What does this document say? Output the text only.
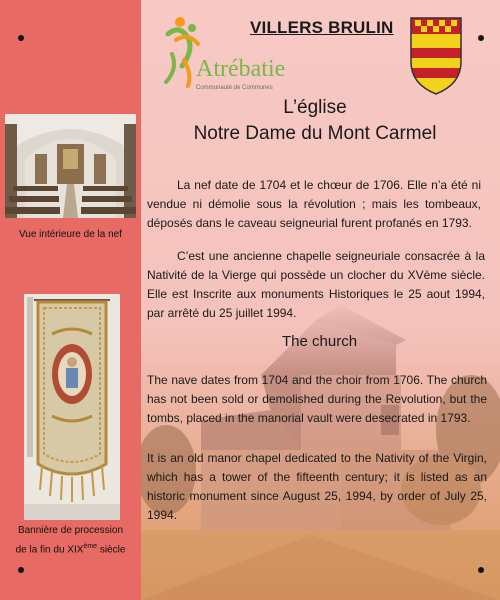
Atrébatie
Communauté de Communes
VILLERS BRULIN
L’église
Notre Dame du Mont Carmel
La nef date de 1704 et le chœur de 1706. Elle n’a été ni vendue ni démolie sous la révolution ; mais les tombeaux, déposés dans le caveau seigneurial furent profanés en 1793.
C’est une ancienne chapelle seigneuriale consacrée à la Nativité de la Vierge qui possède un clocher du XVème siècle. Elle est Inscrite aux monuments Historiques le 25 aout 1994, par arrêté du 25 juillet 1994.
The church
The nave dates from 1704 and the choir from 1706. The church has not been sold or demolished during the Revolution, but the tombs, placed in the manorial vault were desecrated in 1793.
It is an old manor chapel dedicated to the Nativity of the Virgin, which has a tower of the fifteenth century; it is listed as an historic monument since August 25, 1994, by order of July 25, 1994.
Vue intérieure de la nef
Bannière de procession
de la fin du XIXème siècle
